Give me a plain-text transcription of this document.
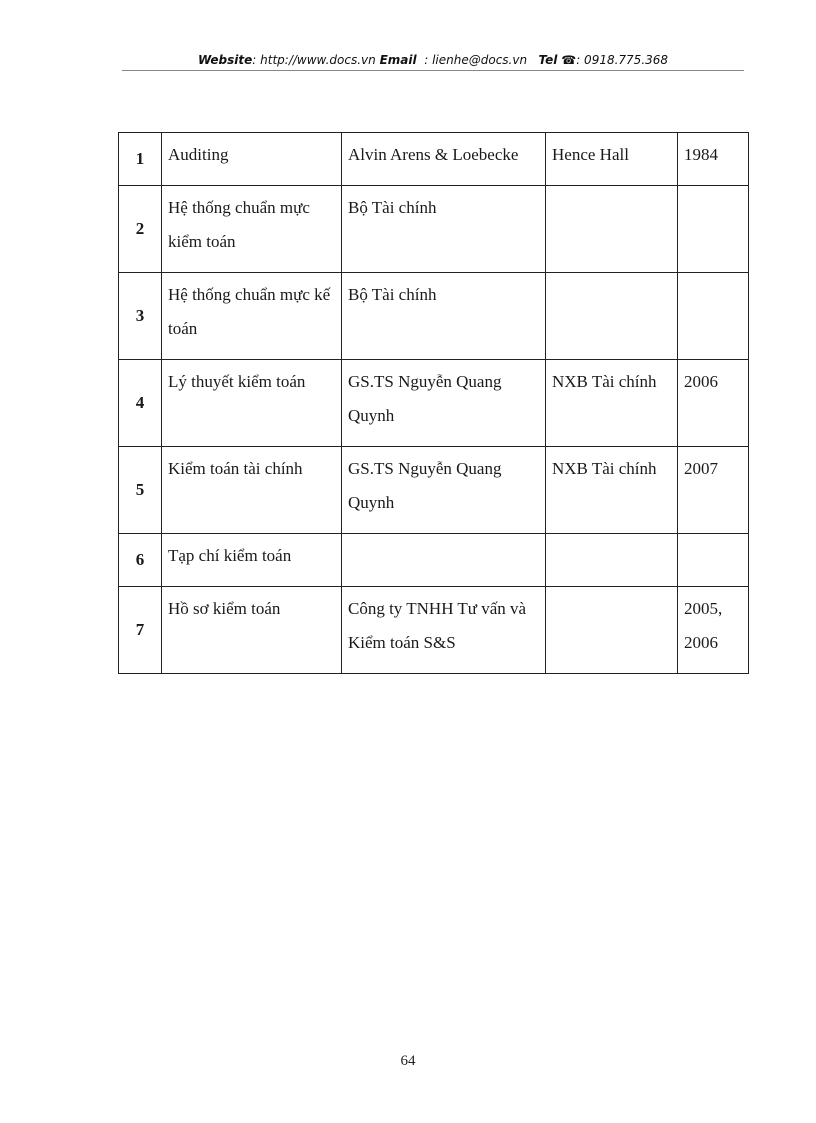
Website: http://www.docs.vn Email : lienhe@docs.vn Tel ☎: 0918.775.368
1	Auditing	Alvin Arens & Loebecke	Hence Hall	1984
2	Hệ thống chuẩn mực kiểm toán	Bộ Tài chính		
3	Hệ thống chuẩn mực kế toán	Bộ Tài chính		
4	Lý thuyết kiểm toán	GS.TS Nguyễn Quang Quynh	NXB Tài chính	2006
5	Kiểm toán tài chính	GS.TS Nguyễn Quang Quynh	NXB Tài chính	2007
6	Tạp chí kiểm toán			
7	Hồ sơ kiểm toán	Công ty TNHH Tư vấn và Kiểm toán S&S		2005, 2006
64
